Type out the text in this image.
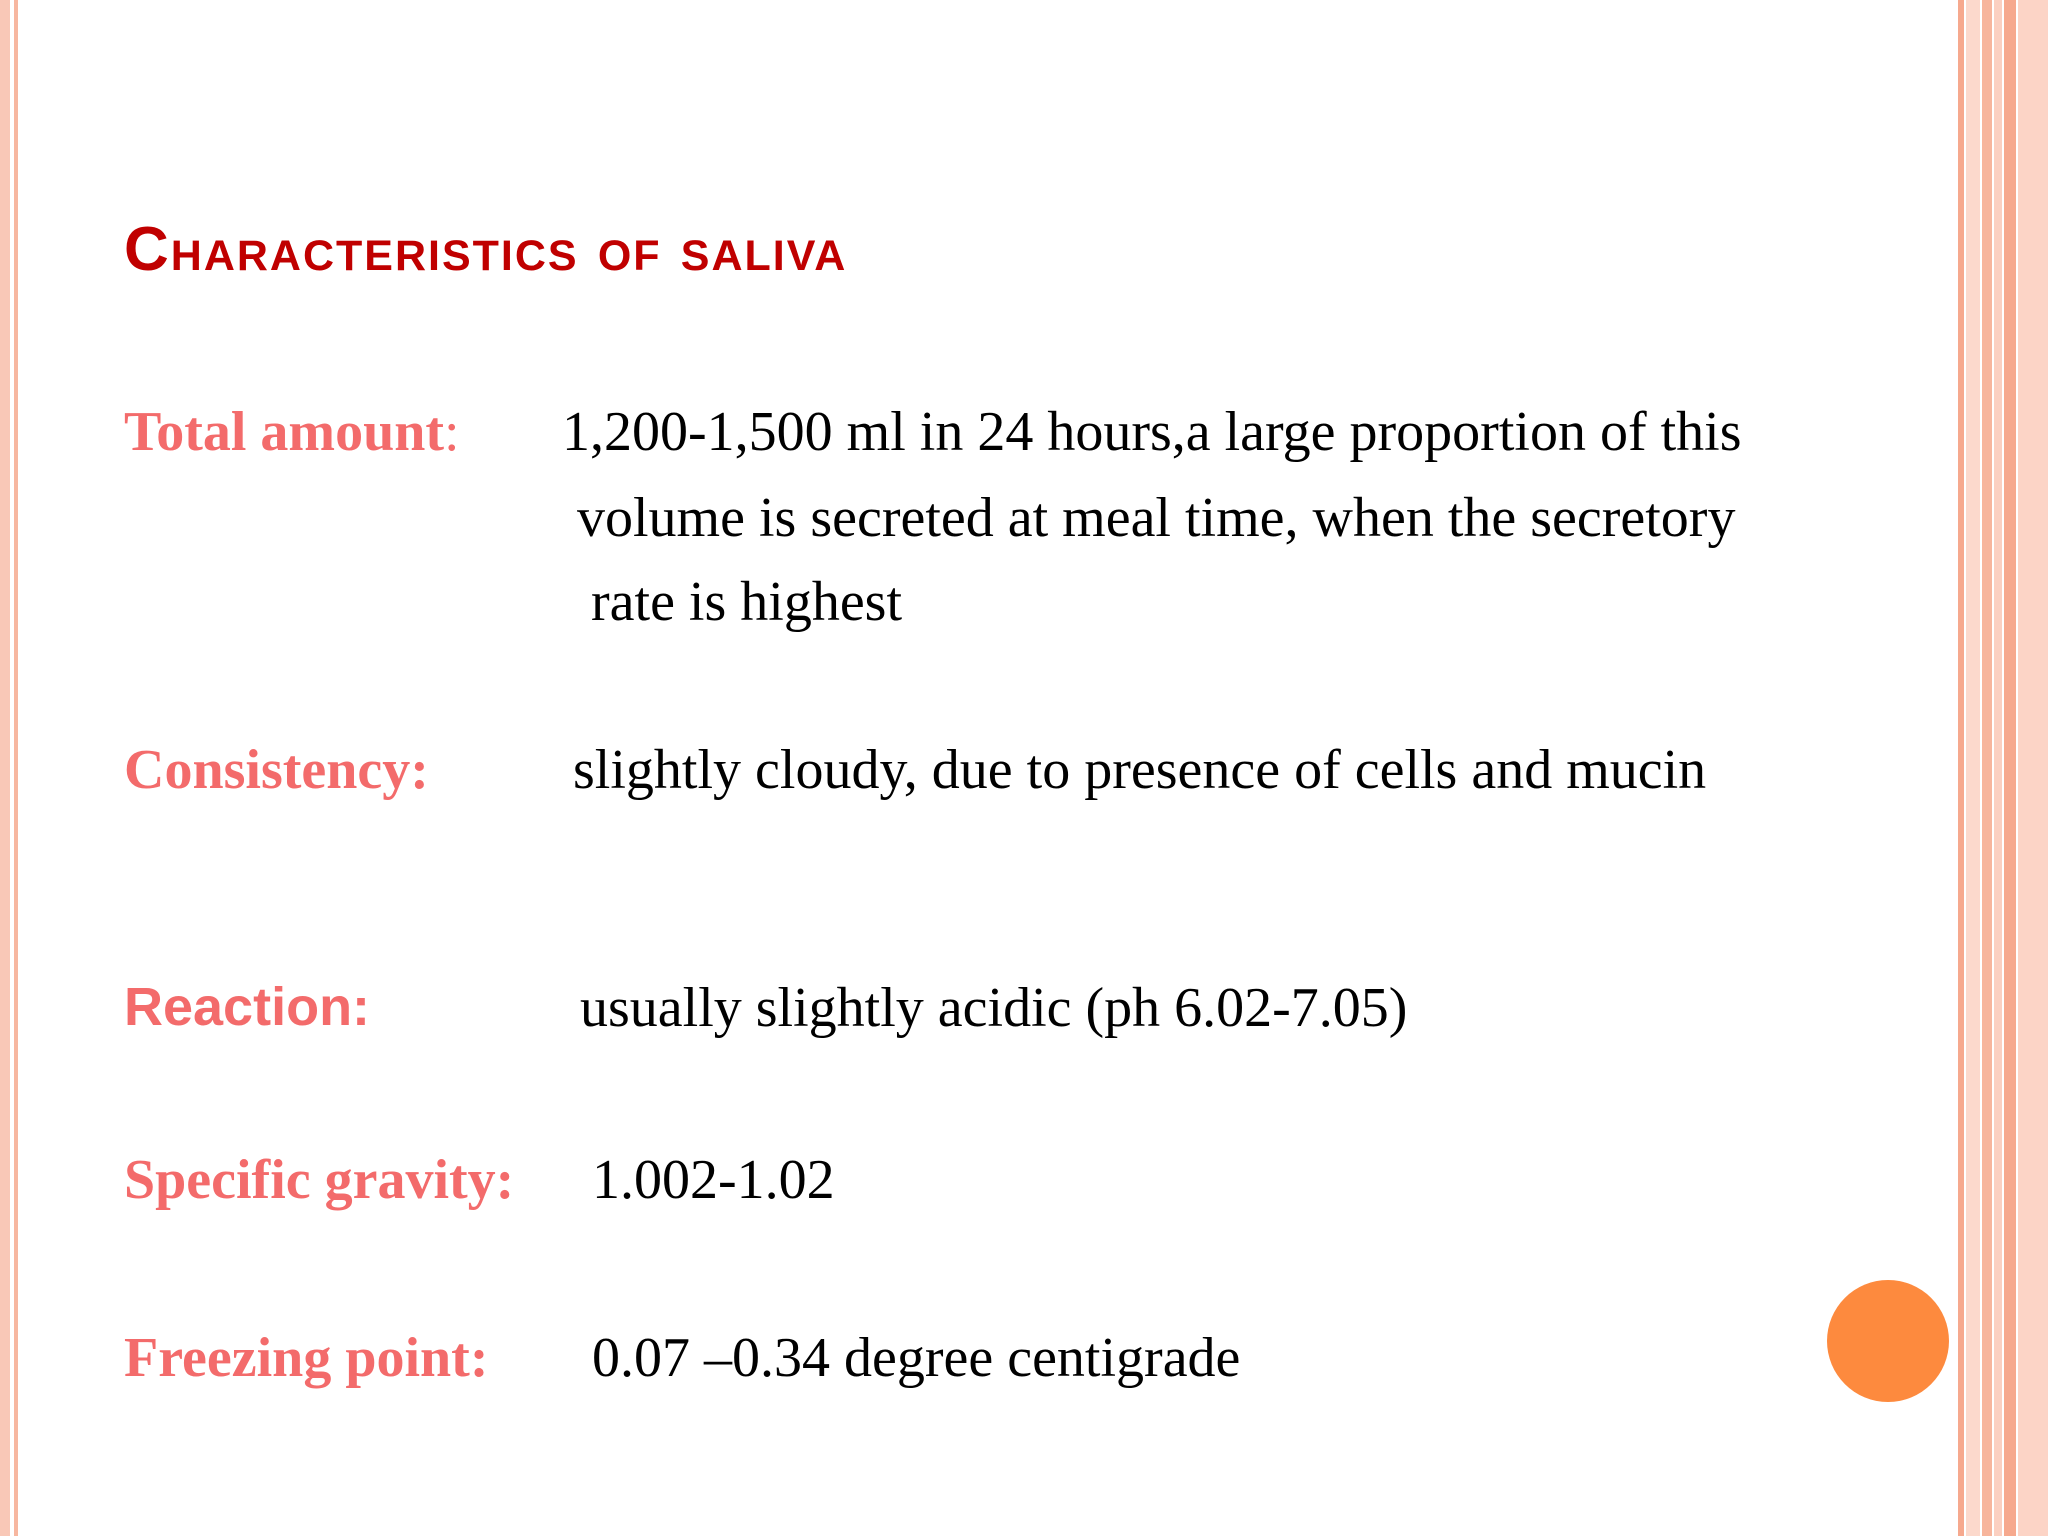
Characteristics of saliva
Total amount: 1,200-1,500 ml in 24 hours,a large proportion of this
volume is secreted at meal time, when the secretory
rate is highest
Consistency:	slightly cloudy, due to presence of cells and mucin
Reaction:	usually slightly acidic (ph 6.02-7.05)
Specific gravity: 1.002-1.02
Freezing point: 0.07 –0.34 degree centigrade
